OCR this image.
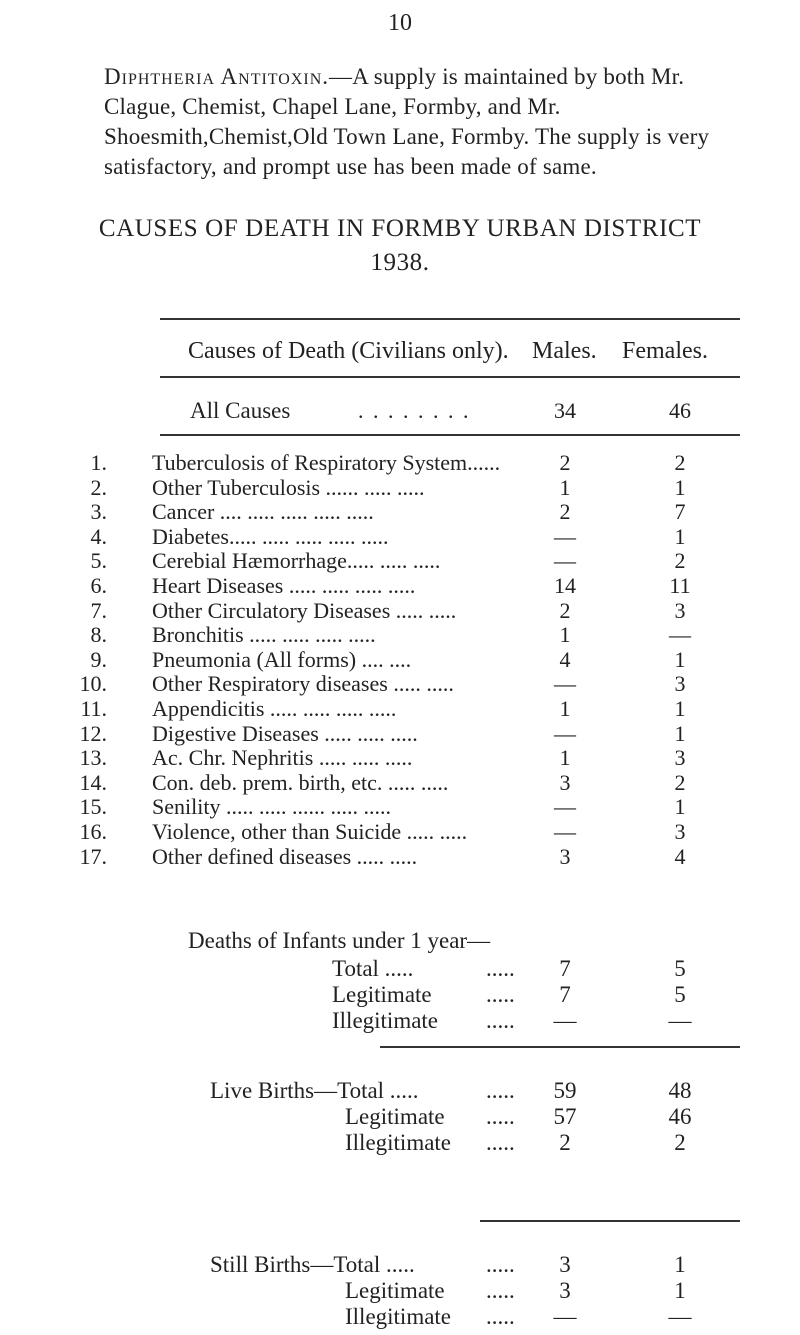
10
Diphtheria Antitoxin.—A supply is maintained by both Mr. Clague, Chemist, Chapel Lane, Formby, and Mr. Shoesmith,Chemist,Old Town Lane, Formby. The supply is very satisfactory, and prompt use has been made of same.
CAUSES OF DEATH IN FORMBY URBAN DISTRICT
1938.
Causes of Death (Civilians only). Males. Females.
All Causes	. . . . . . . .	34	46
1. Tuberculosis of Respiratory System......	2	2
2. Other Tuberculosis ...... ..... .....	1	1
3. Cancer .... ..... ..... ..... .....	2	7
4. Diabetes..... ..... ..... ..... .....	—	1
5. Cerebial Hæmorrhage..... ..... .....	—	2
6. Heart Diseases ..... ..... ..... .....	14	11
7. Other Circulatory Diseases ..... .....	2	3
8. Bronchitis ..... ..... ..... .....	1	—
9. Pneumonia (All forms) .... ....	4	1
10. Other Respiratory diseases ..... .....	—	3
11. Appendicitis ..... ..... ..... .....	1	1
12. Digestive Diseases ..... ..... .....	—	1
13. Ac. Chr. Nephritis ..... ..... .....	1	3
14. Con. deb. prem. birth, etc. ..... .....	3	2
15. Senility ..... ..... ...... ..... .....	—	1
16. Violence, other than Suicide ..... .....	—	3
17. Other defined diseases ..... .....	3	4
Deaths of Infants under 1 year—
Total .....	.....	7	5
Legitimate .....	7	5
Illegitimate .....	—	—
Live Births—Total .....	.....	59	48
Legitimate .....	57	46
Illegitimate .....	2	2
Still Births—Total .....	.....	3	1
Legitimate .....	3	1
Illegitimate .....	—	—
